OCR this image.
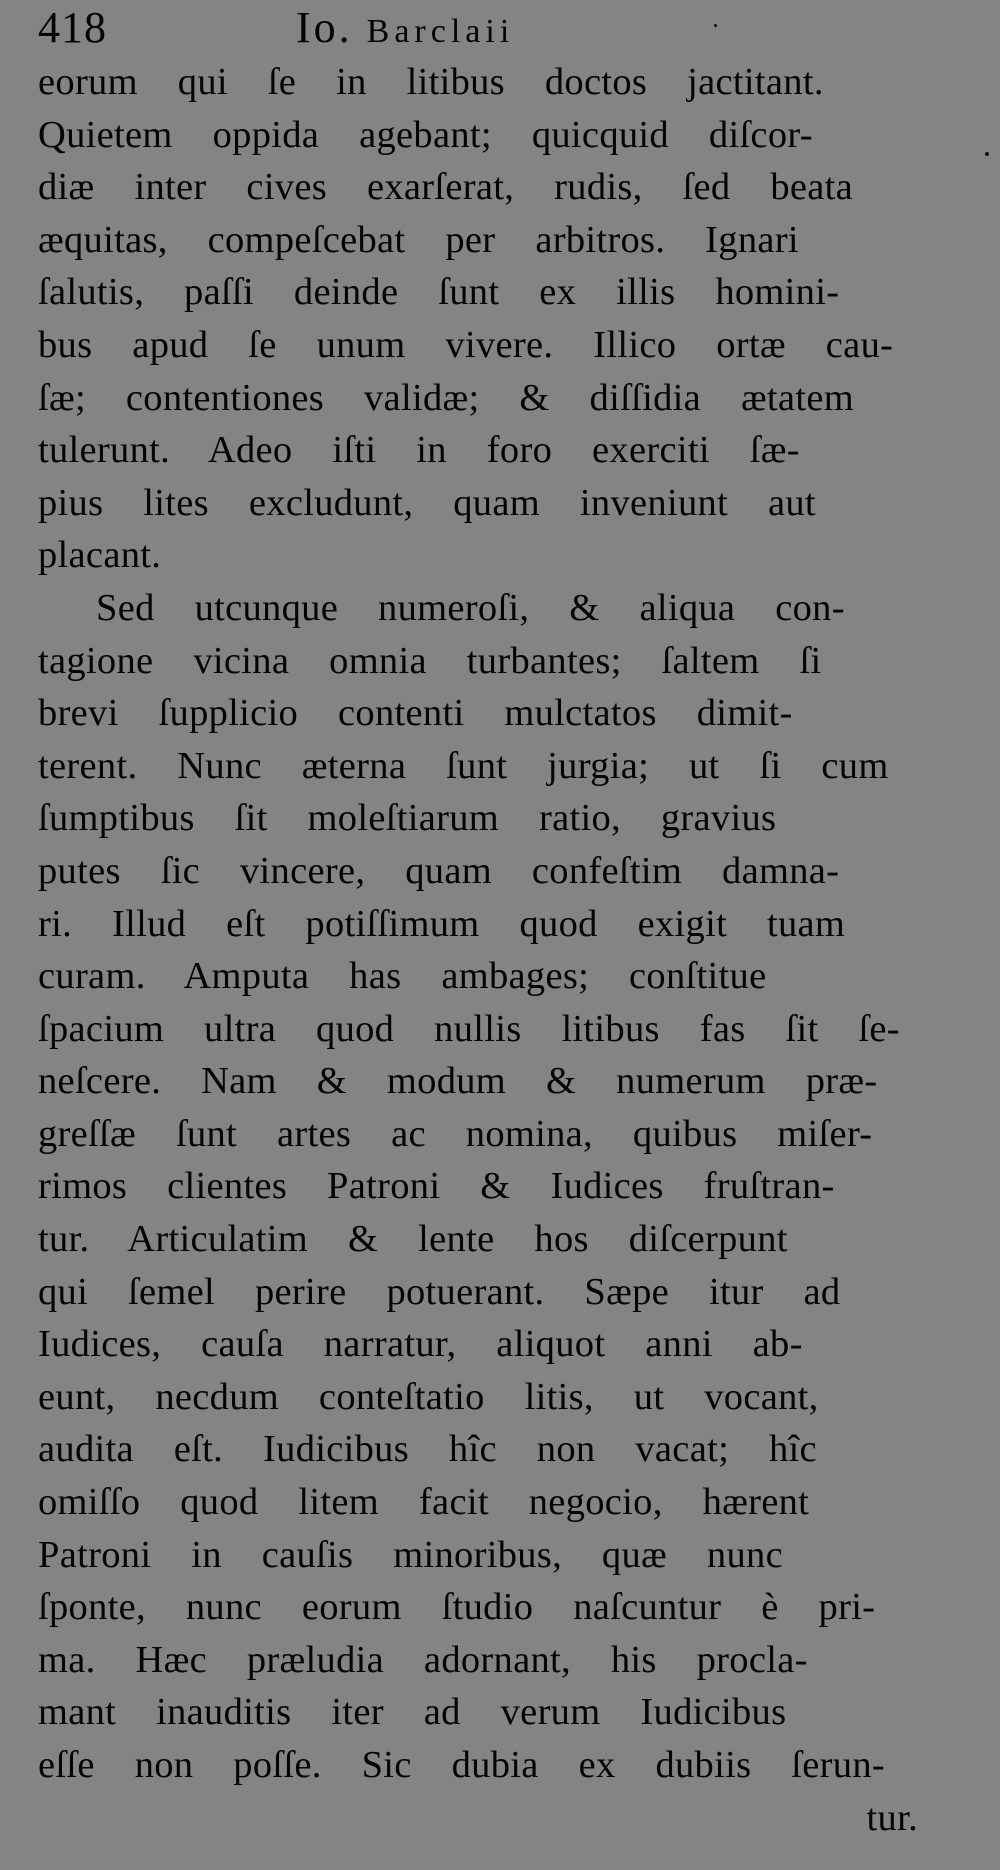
418	Io. Barclaii
eorum qui ſe in litibus doctos jactitant.
Quietem oppida agebant; quicquid diſcor-
diæ inter cives exarſerat, rudis, ſed beata
æquitas, compeſcebat per arbitros. Ignari
ſalutis, paſſi deinde ſunt ex illis homini-
bus apud ſe unum vivere. Illico ortæ cau-
ſæ; contentiones validæ; & diſſidia ætatem
tulerunt. Adeo iſti in foro exerciti ſæ-
pius lites excludunt, quam inveniunt aut
placant.
Sed utcunque numeroſi, & aliqua con-
tagione vicina omnia turbantes; ſaltem ſi
brevi ſupplicio contenti mulctatos dimit-
terent. Nunc æterna ſunt jurgia; ut ſi cum
ſumptibus ſit moleſtiarum ratio, gravius
putes ſic vincere, quam confeſtim damna-
ri. Illud eſt potiſſimum quod exigit tuam
curam. Amputa has ambages; conſtitue
ſpacium ultra quod nullis litibus fas ſit ſe-
neſcere. Nam & modum & numerum præ-
greſſæ ſunt artes ac nomina, quibus miſer-
rimos clientes Patroni & Iudices fruſtran-
tur. Articulatim & lente hos diſcerpunt
qui ſemel perire potuerant. Sæpe itur ad
Iudices, cauſa narratur, aliquot anni ab-
eunt, necdum conteſtatio litis, ut vocant,
audita eſt. Iudicibus hîc non vacat; hîc
omiſſo quod litem facit negocio, hærent
Patroni in cauſis minoribus, quæ nunc
ſponte, nunc eorum ſtudio naſcuntur è pri-
ma. Hæc præludia adornant, his procla-
mant inauditis iter ad verum Iudicibus
eſſe non poſſe. Sic dubia ex dubiis ſerun-
tur.
